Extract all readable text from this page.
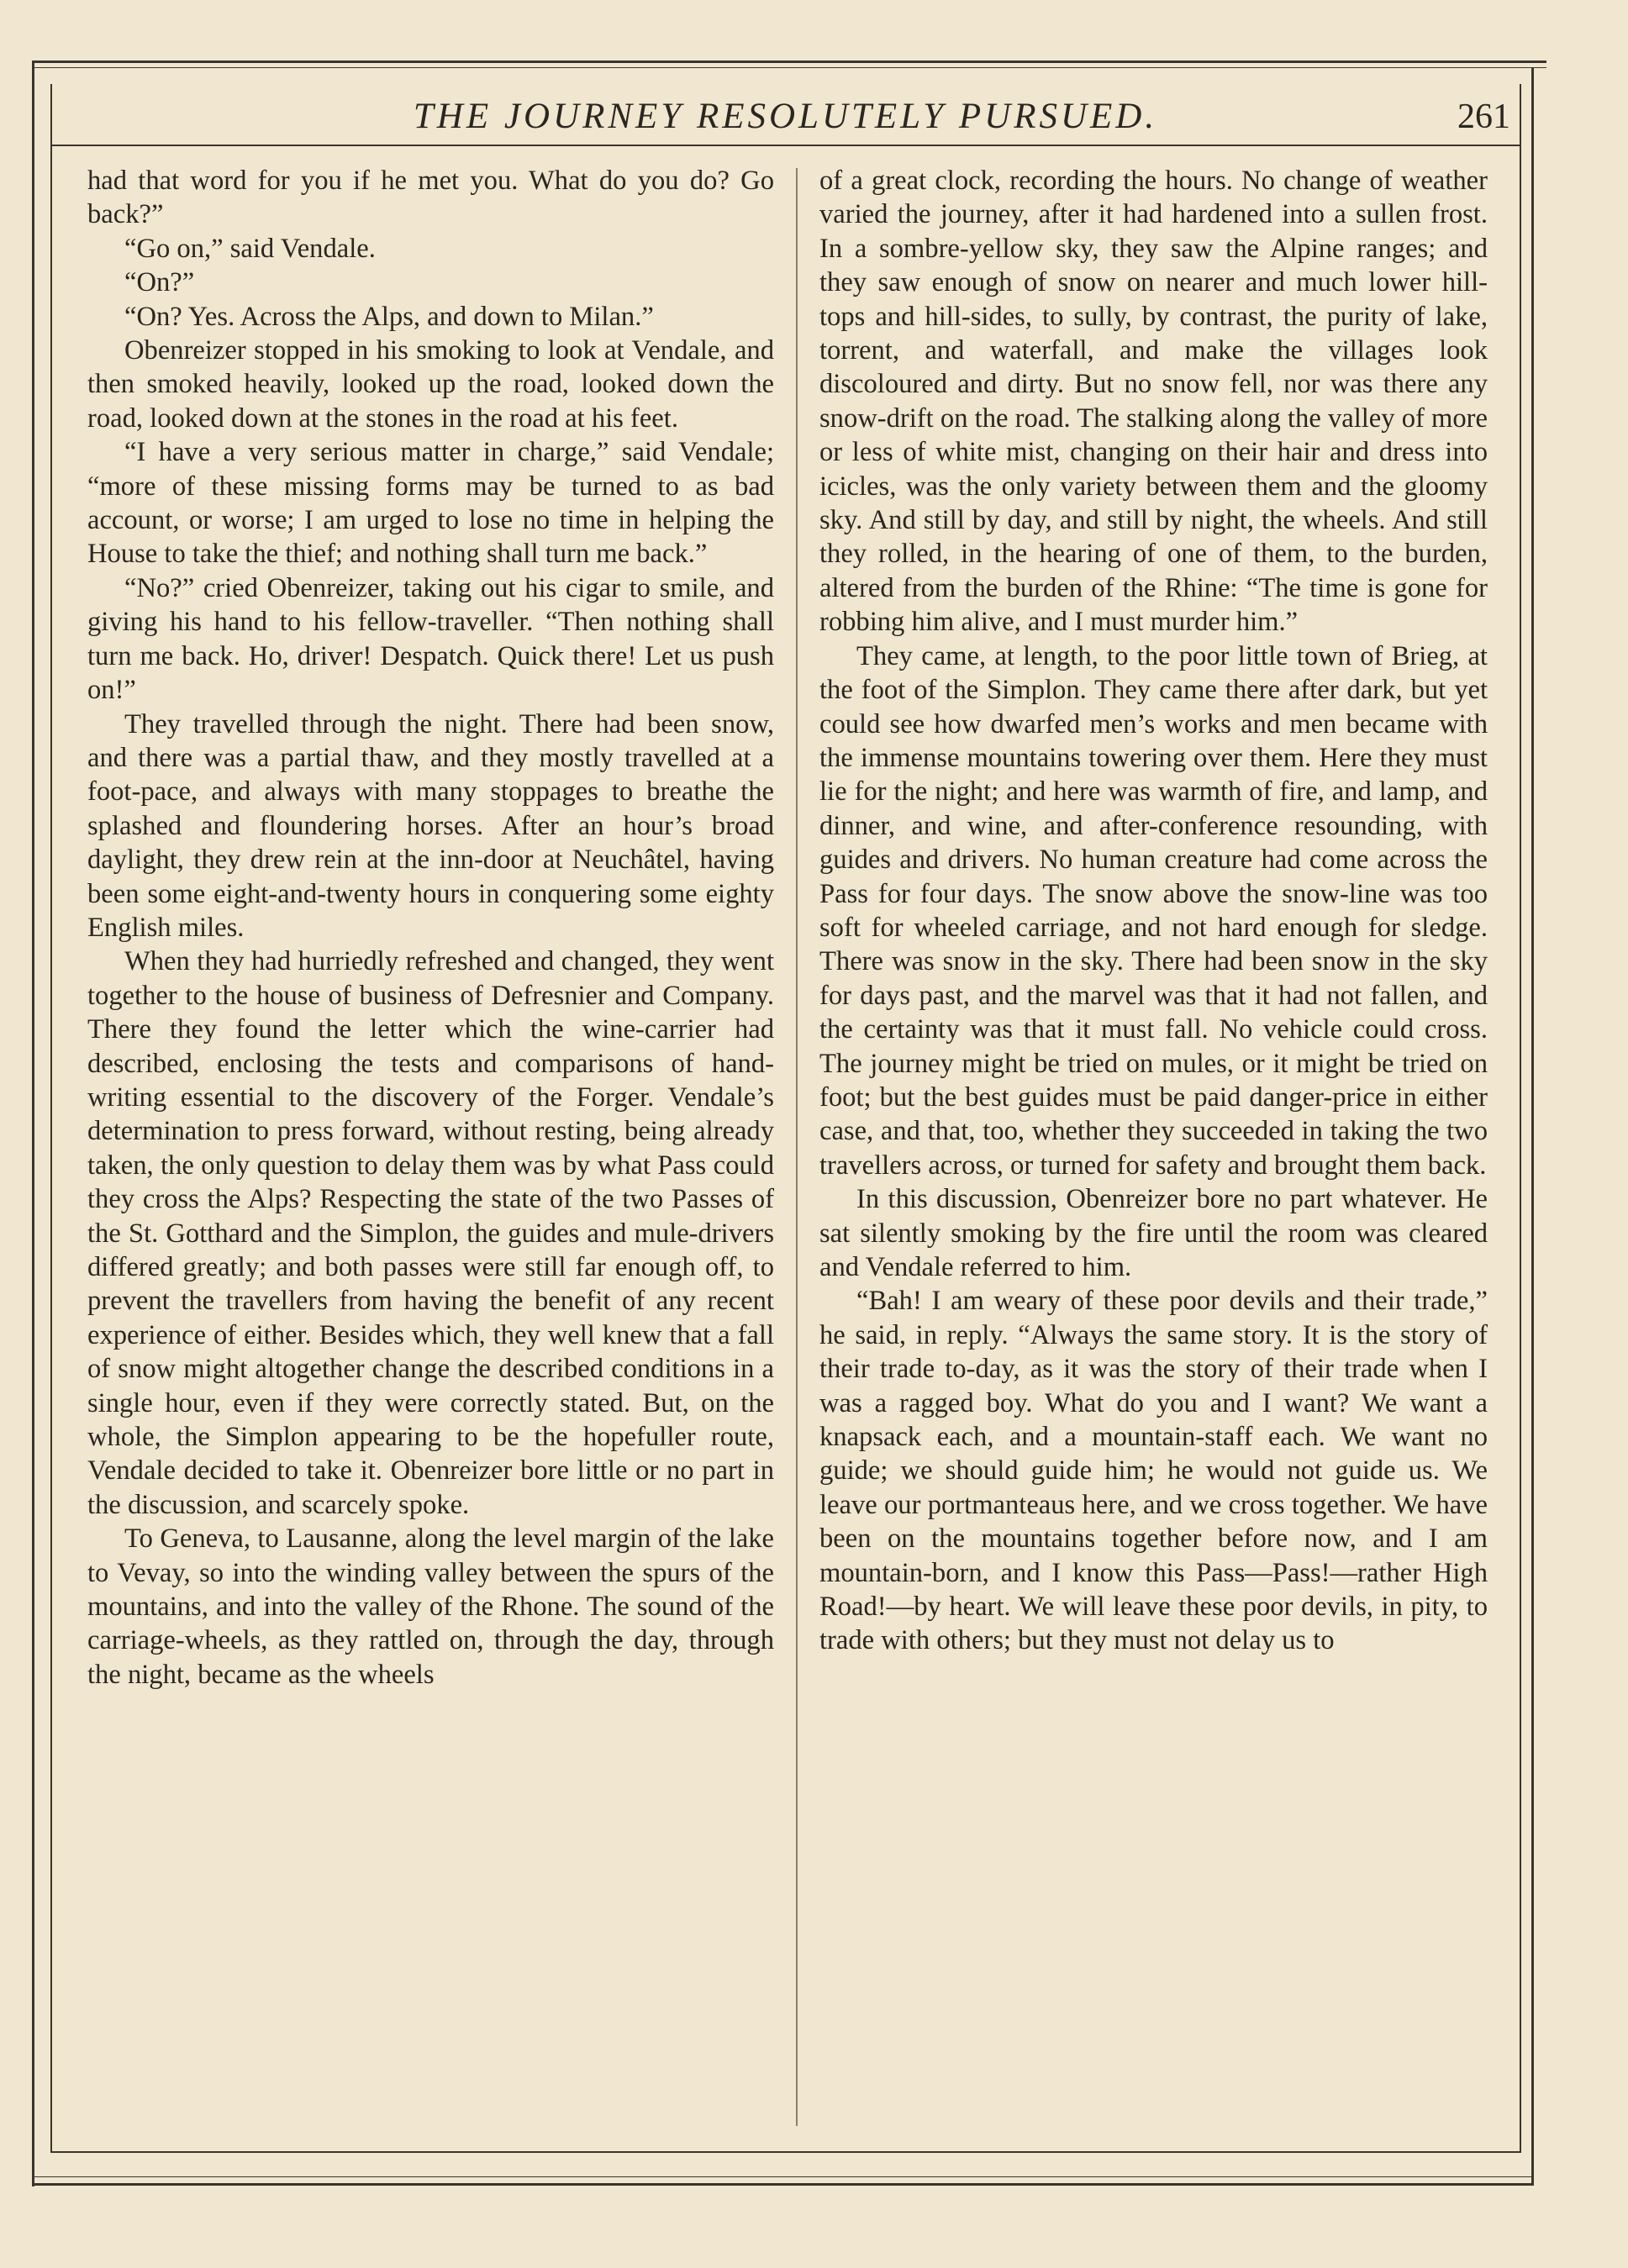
THE JOURNEY RESOLUTELY PURSUED.	261

had that word for you if he met you. What do you do? Go back?”

“Go on,” said Vendale.

“On?”

“On? Yes. Across the Alps, and down to Milan.”

Obenreizer stopped in his smoking to look at Vendale, and then smoked heavily, looked up the road, looked down the road, looked down at the stones in the road at his feet.

“I have a very serious matter in charge,” said Vendale; “more of these missing forms may be turned to as bad account, or worse; I am urged to lose no time in helping the House to take the thief; and nothing shall turn me back.”

“No?” cried Obenreizer, taking out his cigar to smile, and giving his hand to his fellow-traveller. “Then nothing shall turn me back. Ho, driver! Despatch. Quick there! Let us push on!”

They travelled through the night. There had been snow, and there was a partial thaw, and they mostly travelled at a foot-pace, and always with many stoppages to breathe the splashed and floundering horses. After an hour’s broad daylight, they drew rein at the inn-door at Neuchâtel, having been some eight-and-twenty hours in conquering some eighty English miles.

When they had hurriedly refreshed and changed, they went together to the house of business of Defresnier and Company. There they found the letter which the wine-carrier had described, enclosing the tests and comparisons of hand-writing essential to the discovery of the Forger. Vendale’s determination to press forward, without resting, being already taken, the only question to delay them was by what Pass could they cross the Alps? Respecting the state of the two Passes of the St. Gotthard and the Simplon, the guides and mule-drivers differed greatly; and both passes were still far enough off, to prevent the travellers from having the benefit of any recent experience of either. Besides which, they well knew that a fall of snow might altogether change the described conditions in a single hour, even if they were correctly stated. But, on the whole, the Simplon appearing to be the hopefuller route, Vendale decided to take it. Obenreizer bore little or no part in the discussion, and scarcely spoke.

To Geneva, to Lausanne, along the level margin of the lake to Vevay, so into the winding valley between the spurs of the mountains, and into the valley of the Rhone. The sound of the carriage-wheels, as they rattled on, through the day, through the night, became as the wheels

of a great clock, recording the hours. No change of weather varied the journey, after it had hardened into a sullen frost. In a sombre-yellow sky, they saw the Alpine ranges; and they saw enough of snow on nearer and much lower hill-tops and hill-sides, to sully, by contrast, the purity of lake, torrent, and waterfall, and make the villages look discoloured and dirty. But no snow fell, nor was there any snow-drift on the road. The stalking along the valley of more or less of white mist, changing on their hair and dress into icicles, was the only variety between them and the gloomy sky. And still by day, and still by night, the wheels. And still they rolled, in the hearing of one of them, to the burden, altered from the burden of the Rhine: “The time is gone for robbing him alive, and I must murder him.”

They came, at length, to the poor little town of Brieg, at the foot of the Simplon. They came there after dark, but yet could see how dwarfed men’s works and men became with the immense mountains towering over them. Here they must lie for the night; and here was warmth of fire, and lamp, and dinner, and wine, and after-conference resounding, with guides and drivers. No human creature had come across the Pass for four days. The snow above the snow-line was too soft for wheeled carriage, and not hard enough for sledge. There was snow in the sky. There had been snow in the sky for days past, and the marvel was that it had not fallen, and the certainty was that it must fall. No vehicle could cross. The journey might be tried on mules, or it might be tried on foot; but the best guides must be paid danger-price in either case, and that, too, whether they succeeded in taking the two travellers across, or turned for safety and brought them back.

In this discussion, Obenreizer bore no part whatever. He sat silently smoking by the fire until the room was cleared and Vendale referred to him.

“Bah! I am weary of these poor devils and their trade,” he said, in reply. “Always the same story. It is the story of their trade to-day, as it was the story of their trade when I was a ragged boy. What do you and I want? We want a knapsack each, and a mountain-staff each. We want no guide; we should guide him; he would not guide us. We leave our portmanteaus here, and we cross together. We have been on the mountains together before now, and I am mountain-born, and I know this Pass—Pass!—rather High Road!—by heart. We will leave these poor devils, in pity, to trade with others; but they must not delay us to
